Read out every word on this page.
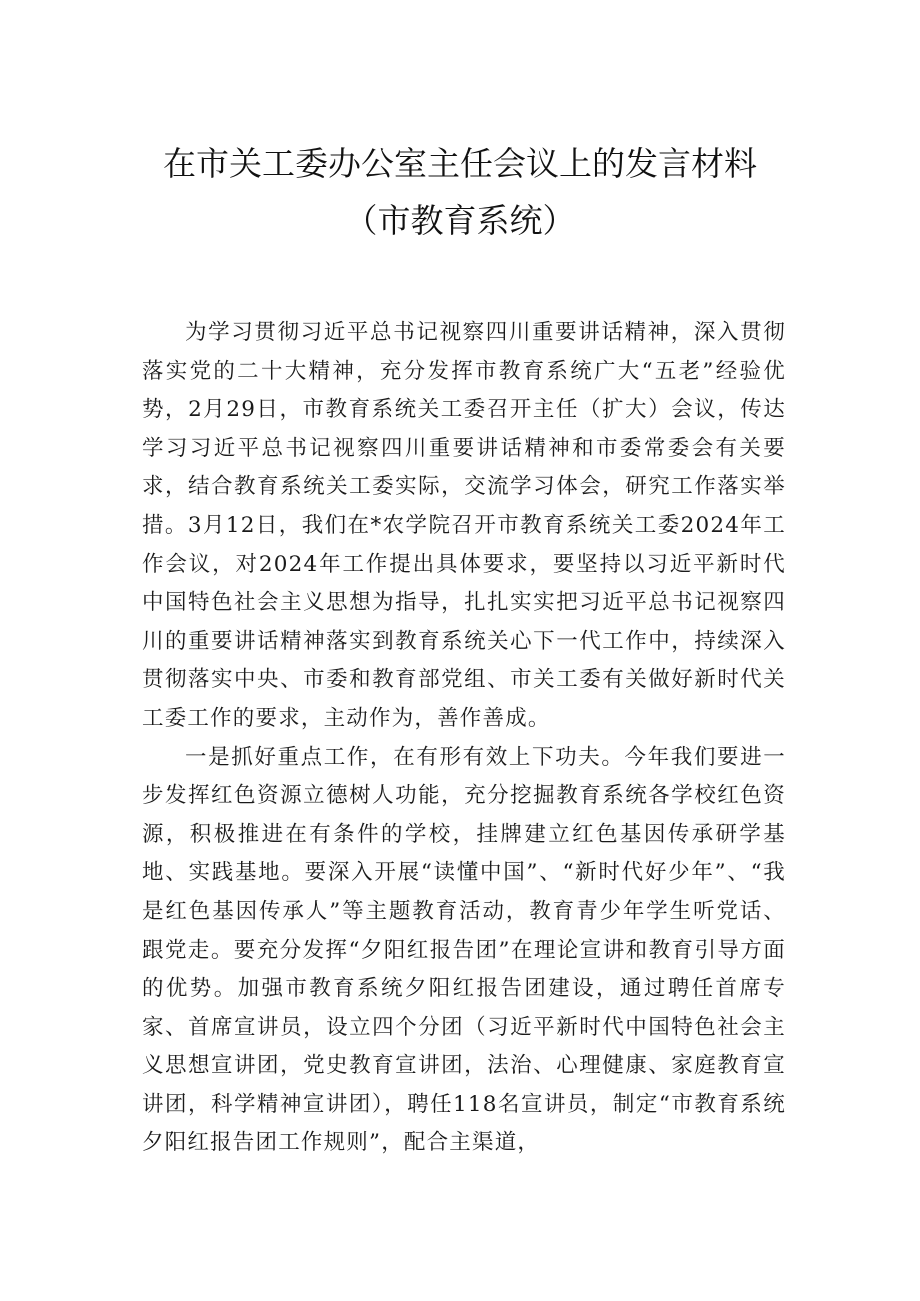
在市关工委办公室主任会议上的发言材料
（市教育系统）

为学习贯彻习近平总书记视察四川重要讲话精神，深入贯彻落实党的二十大精神，充分发挥市教育系统广大“五老”经验优势，2月29日，市教育系统关工委召开主任（扩大）会议，传达学习习近平总书记视察四川重要讲话精神和市委常委会有关要求，结合教育系统关工委实际，交流学习体会，研究工作落实举措。3月12日，我们在*农学院召开市教育系统关工委2024年工作会议，对2024年工作提出具体要求，要坚持以习近平新时代中国特色社会主义思想为指导，扎扎实实把习近平总书记视察四川的重要讲话精神落实到教育系统关心下一代工作中，持续深入贯彻落实中央、市委和教育部党组、市关工委有关做好新时代关工委工作的要求，主动作为，善作善成。

一是抓好重点工作，在有形有效上下功夫。今年我们要进一步发挥红色资源立德树人功能，充分挖掘教育系统各学校红色资源，积极推进在有条件的学校，挂牌建立红色基因传承研学基地、实践基地。要深入开展“读懂中国”、“新时代好少年”、“我是红色基因传承人”等主题教育活动，教育青少年学生听党话、跟党走。要充分发挥“夕阳红报告团”在理论宣讲和教育引导方面的优势。加强市教育系统夕阳红报告团建设，通过聘任首席专家、首席宣讲员，设立四个分团（习近平新时代中国特色社会主义思想宣讲团，党史教育宣讲团，法治、心理健康、家庭教育宣讲团，科学精神宣讲团），聘任118名宣讲员，制定“市教育系统夕阳红报告团工作规则”，配合主渠道，
